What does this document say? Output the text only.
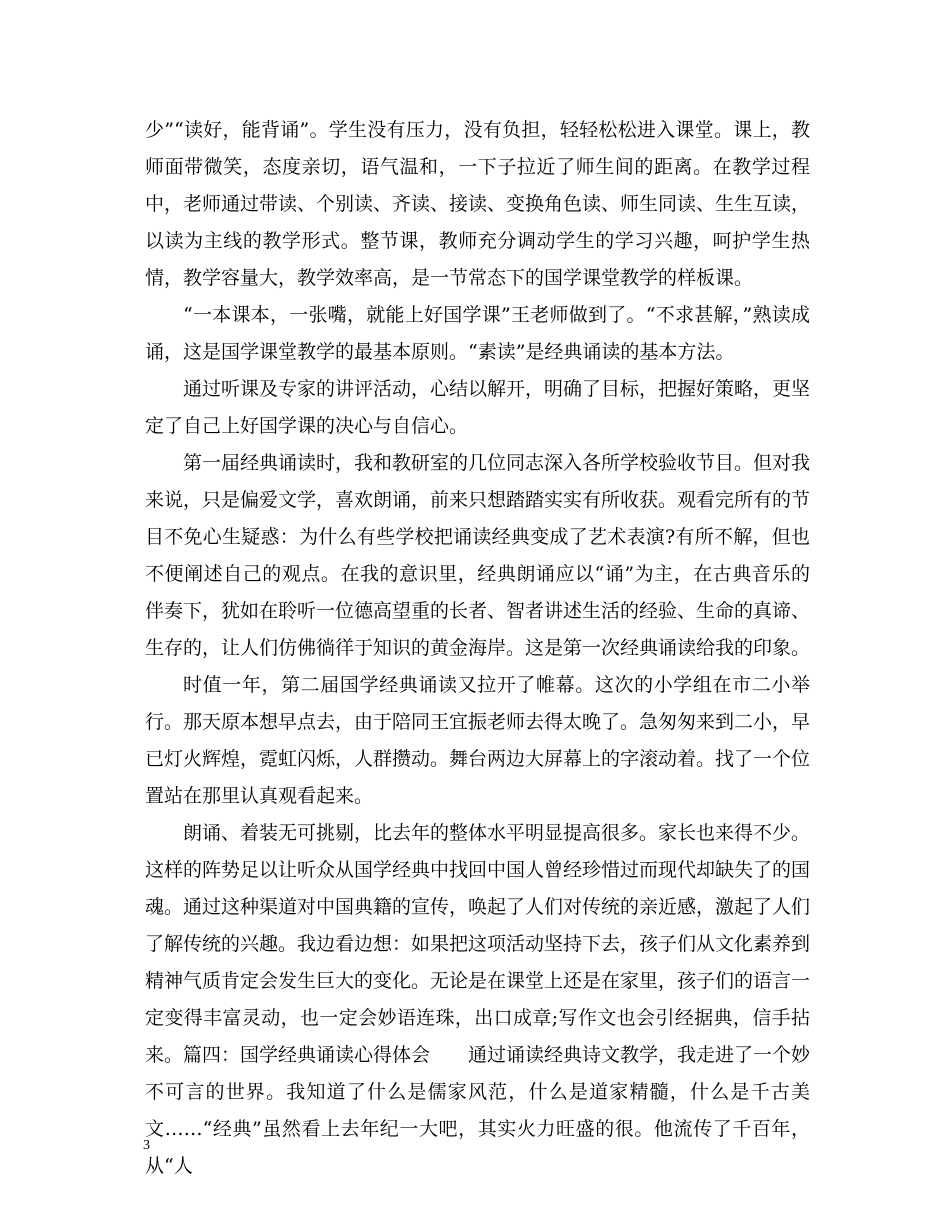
少”“读好，能背诵”。学生没有压力，没有负担，轻轻松松进入课堂。课上，教师面带微笑，态度亲切，语气温和，一下子拉近了师生间的距离。在教学过程中，老师通过带读、个别读、齐读、接读、变换角色读、师生同读、生生互读，以读为主线的教学形式。整节课，教师充分调动学生的学习兴趣，呵护学生热情，教学容量大，教学效率高，是一节常态下的国学课堂教学的样板课。

“一本课本，一张嘴，就能上好国学课”王老师做到了。“不求甚解，”熟读成诵，这是国学课堂教学的最基本原则。“素读”是经典诵读的基本方法。

通过听课及专家的讲评活动，心结以解开，明确了目标，把握好策略，更坚定了自己上好国学课的决心与自信心。

第一届经典诵读时，我和教研室的几位同志深入各所学校验收节目。但对我来说，只是偏爱文学，喜欢朗诵，前来只想踏踏实实有所收获。观看完所有的节目不免心生疑惑：为什么有些学校把诵读经典变成了艺术表演?有所不解，但也不便阐述自己的观点。在我的意识里，经典朗诵应以“诵”为主，在古典音乐的伴奏下，犹如在聆听一位德高望重的长者、智者讲述生活的经验、生命的真谛、生存的，让人们仿佛徜徉于知识的黄金海岸。这是第一次经典诵读给我的印象。

时值一年，第二届国学经典诵读又拉开了帷幕。这次的小学组在市二小举行。那天原本想早点去，由于陪同王宜振老师去得太晚了。急匆匆来到二小，早已灯火辉煌，霓虹闪烁，人群攒动。舞台两边大屏幕上的字滚动着。找了一个位置站在那里认真观看起来。

朗诵、着装无可挑剔，比去年的整体水平明显提高很多。家长也来得不少。这样的阵势足以让听众从国学经典中找回中国人曾经珍惜过而现代却缺失了的国魂。通过这种渠道对中国典籍的宣传，唤起了人们对传统的亲近感，激起了人们了解传统的兴趣。我边看边想：如果把这项活动坚持下去，孩子们从文化素养到精神气质肯定会发生巨大的变化。无论是在课堂上还是在家里，孩子们的语言一定变得丰富灵动，也一定会妙语连珠，出口成章;写作文也会引经据典，信手拈来。篇四：国学经典诵读心得体会　　通过诵读经典诗文教学，我走进了一个妙不可言的世界。我知道了什么是儒家风范，什么是道家精髓，什么是千古美文……“经典”虽然看上去年纪一大吧，其实火力旺盛的很。他流传了千百年，从“人

3
